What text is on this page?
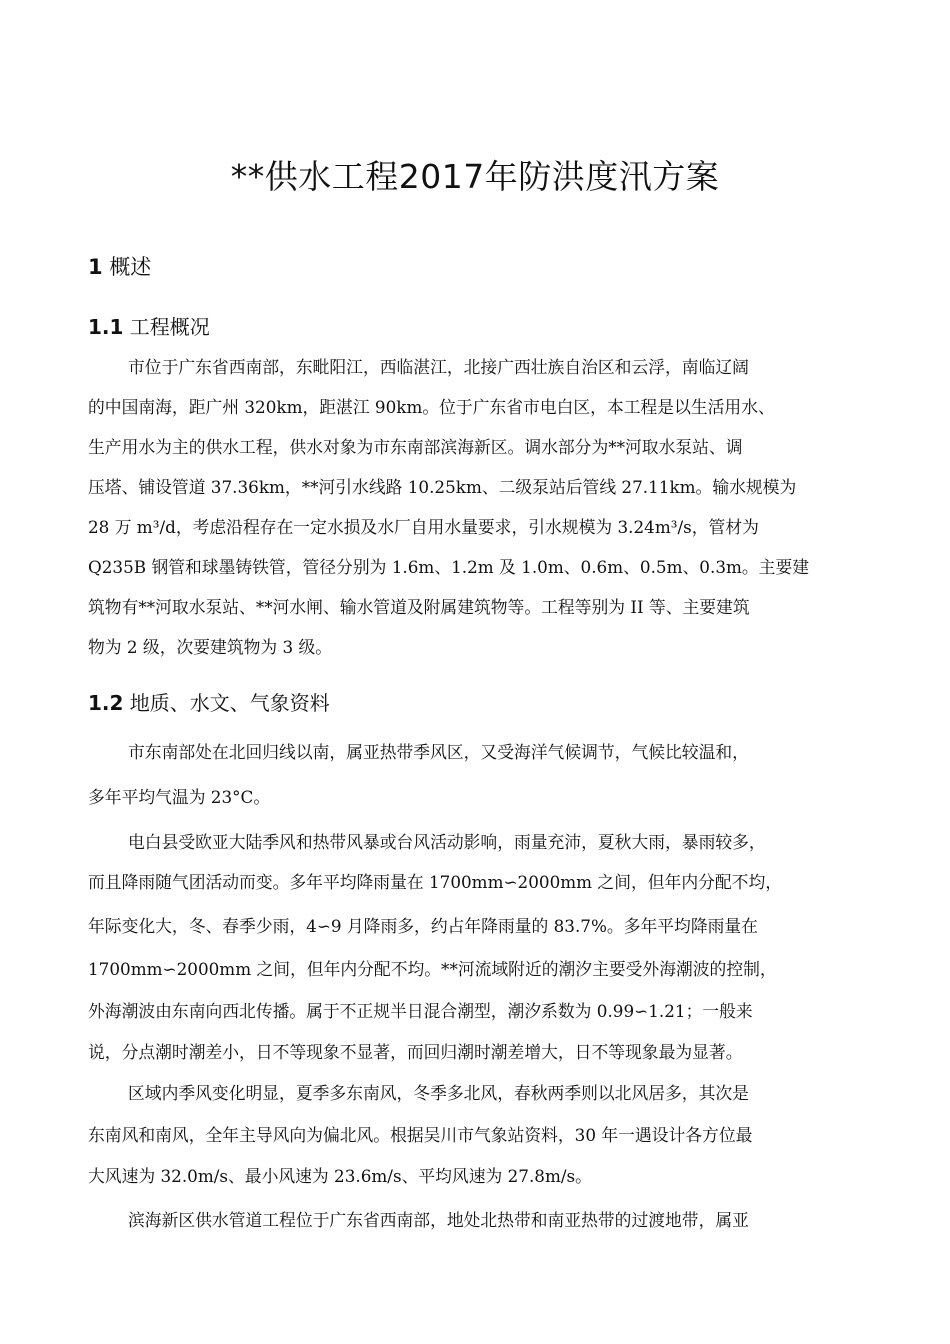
**供水工程2017年防洪度汛方案
1 概述
1.1 工程概况
市位于广东省西南部，东毗阳江，西临湛江，北接广西壮族自治区和云浮，南临辽阔
的中国南海，距广州 320km，距湛江 90km。位于广东省市电白区，本工程是以生活用水、
生产用水为主的供水工程，供水对象为市东南部滨海新区。调水部分为**河取水泵站、调
压塔、铺设管道 37.36km，**河引水线路 10.25km、二级泵站后管线 27.11km。输水规模为
28 万 m³/d，考虑沿程存在一定水损及水厂自用水量要求，引水规模为 3.24m³/s，管材为
Q235B 钢管和球墨铸铁管，管径分别为 1.6m、1.2m 及 1.0m、0.6m、0.5m、0.3m。主要建
筑物有**河取水泵站、**河水闸、输水管道及附属建筑物等。工程等别为 II 等、主要建筑
物为 2 级，次要建筑物为 3 级。
1.2 地质、水文、气象资料
市东南部处在北回归线以南，属亚热带季风区，又受海洋气候调节，气候比较温和，
多年平均气温为 23°C。
电白县受欧亚大陆季风和热带风暴或台风活动影响，雨量充沛，夏秋大雨，暴雨较多，
而且降雨随气团活动而变。多年平均降雨量在 1700mm∽2000mm 之间，但年内分配不均，
年际变化大，冬、春季少雨，4∽9 月降雨多，约占年降雨量的 83.7%。多年平均降雨量在
1700mm∽2000mm 之间，但年内分配不均。**河流域附近的潮汐主要受外海潮波的控制，
外海潮波由东南向西北传播。属于不正规半日混合潮型，潮汐系数为 0.99∽1.21；一般来
说，分点潮时潮差小，日不等现象不显著，而回归潮时潮差增大，日不等现象最为显著。
区域内季风变化明显，夏季多东南风，冬季多北风，春秋两季则以北风居多，其次是
东南风和南风，全年主导风向为偏北风。根据吴川市气象站资料，30 年一遇设计各方位最
大风速为 32.0m/s、最小风速为 23.6m/s、平均风速为 27.8m/s。
滨海新区供水管道工程位于广东省西南部，地处北热带和南亚热带的过渡地带，属亚
